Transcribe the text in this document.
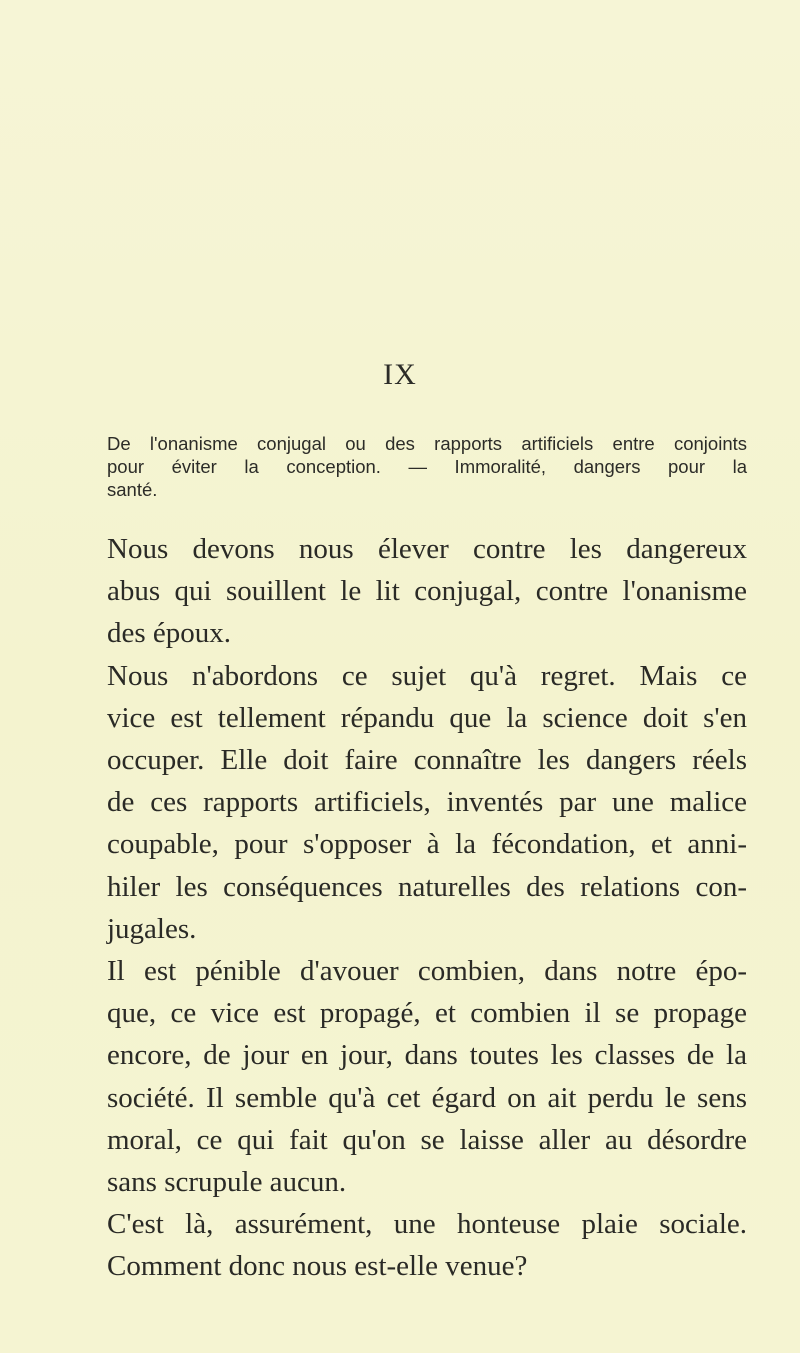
IX
De l'onanisme conjugal ou des rapports artificiels entre conjoints
pour éviter la conception. — Immoralité, dangers pour la
santé.
Nous devons nous élever contre les dangereux
abus qui souillent le lit conjugal, contre l'onanisme
des époux.
Nous n'abordons ce sujet qu'à regret. Mais ce
vice est tellement répandu que la science doit s'en
occuper. Elle doit faire connaître les dangers réels
de ces rapports artificiels, inventés par une malice
coupable, pour s'opposer à la fécondation, et anni-
hiler les conséquences naturelles des relations con-
jugales.
Il est pénible d'avouer combien, dans notre épo-
que, ce vice est propagé, et combien il se propage
encore, de jour en jour, dans toutes les classes de la
société. Il semble qu'à cet égard on ait perdu le sens
moral, ce qui fait qu'on se laisse aller au désordre
sans scrupule aucun.
C'est là, assurément, une honteuse plaie sociale.
Comment donc nous est-elle venue?
